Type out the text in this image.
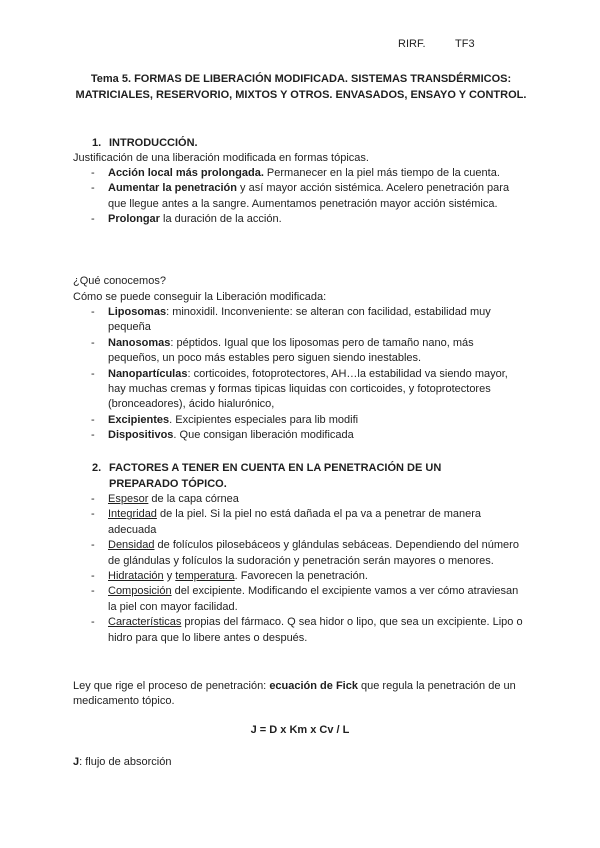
RIRF.	TF3
Tema 5. FORMAS DE LIBERACIÓN MODIFICADA. SISTEMAS TRANSDÉRMICOS: MATRICIALES, RESERVORIO, MIXTOS Y OTROS. ENVASADOS, ENSAYO Y CONTROL.
1. INTRODUCCIÓN.
Justificación de una liberación modificada en formas tópicas.
- Acción local más prolongada. Permanecer en la piel más tiempo de la cuenta.
- Aumentar la penetración y así mayor acción sistémica. Acelero penetración para que llegue antes a la sangre. Aumentamos penetración mayor acción sistémica.
- Prolongar la duración de la acción.
¿Qué conocemos?
Cómo se puede conseguir la Liberación modificada:
- Liposomas: minoxidil. Inconveniente: se alteran con facilidad, estabilidad muy pequeña
- Nanosomas: péptidos. Igual que los liposomas pero de tamaño nano, más pequeños, un poco más estables pero siguen siendo inestables.
- Nanopartículas: corticoides, fotoprotectores, AH…la estabilidad va siendo mayor, hay muchas cremas y formas tipicas liquidas con corticoides, y fotoprotectores (bronceadores), ácido hialurónico,
- Excipientes. Excipientes especiales para lib modifi
- Dispositivos. Que consigan liberación modificada
2. FACTORES A TENER EN CUENTA EN LA PENETRACIÓN DE UN PREPARADO TÓPICO.
- Espesor de la capa córnea
- Integridad de la piel. Si la piel no está dañada el pa va a penetrar de manera adecuada
- Densidad de folículos pilosebáceos y glándulas sebáceas. Dependiendo del número de glándulas y folículos la sudoración y penetración serán mayores o menores.
- Hidratación y temperatura. Favorecen la penetración.
- Composición del excipiente. Modificando el excipiente vamos a ver cómo atraviesan la piel con mayor facilidad.
- Características propias del fármaco. Q sea hidor o lipo, que sea un excipiente. Lipo o hidro para que lo libere antes o después.
Ley que rige el proceso de penetración: ecuación de Fick que regula la penetración de un medicamento tópico.
J = D x Km x Cv / L
J: flujo de absorción
